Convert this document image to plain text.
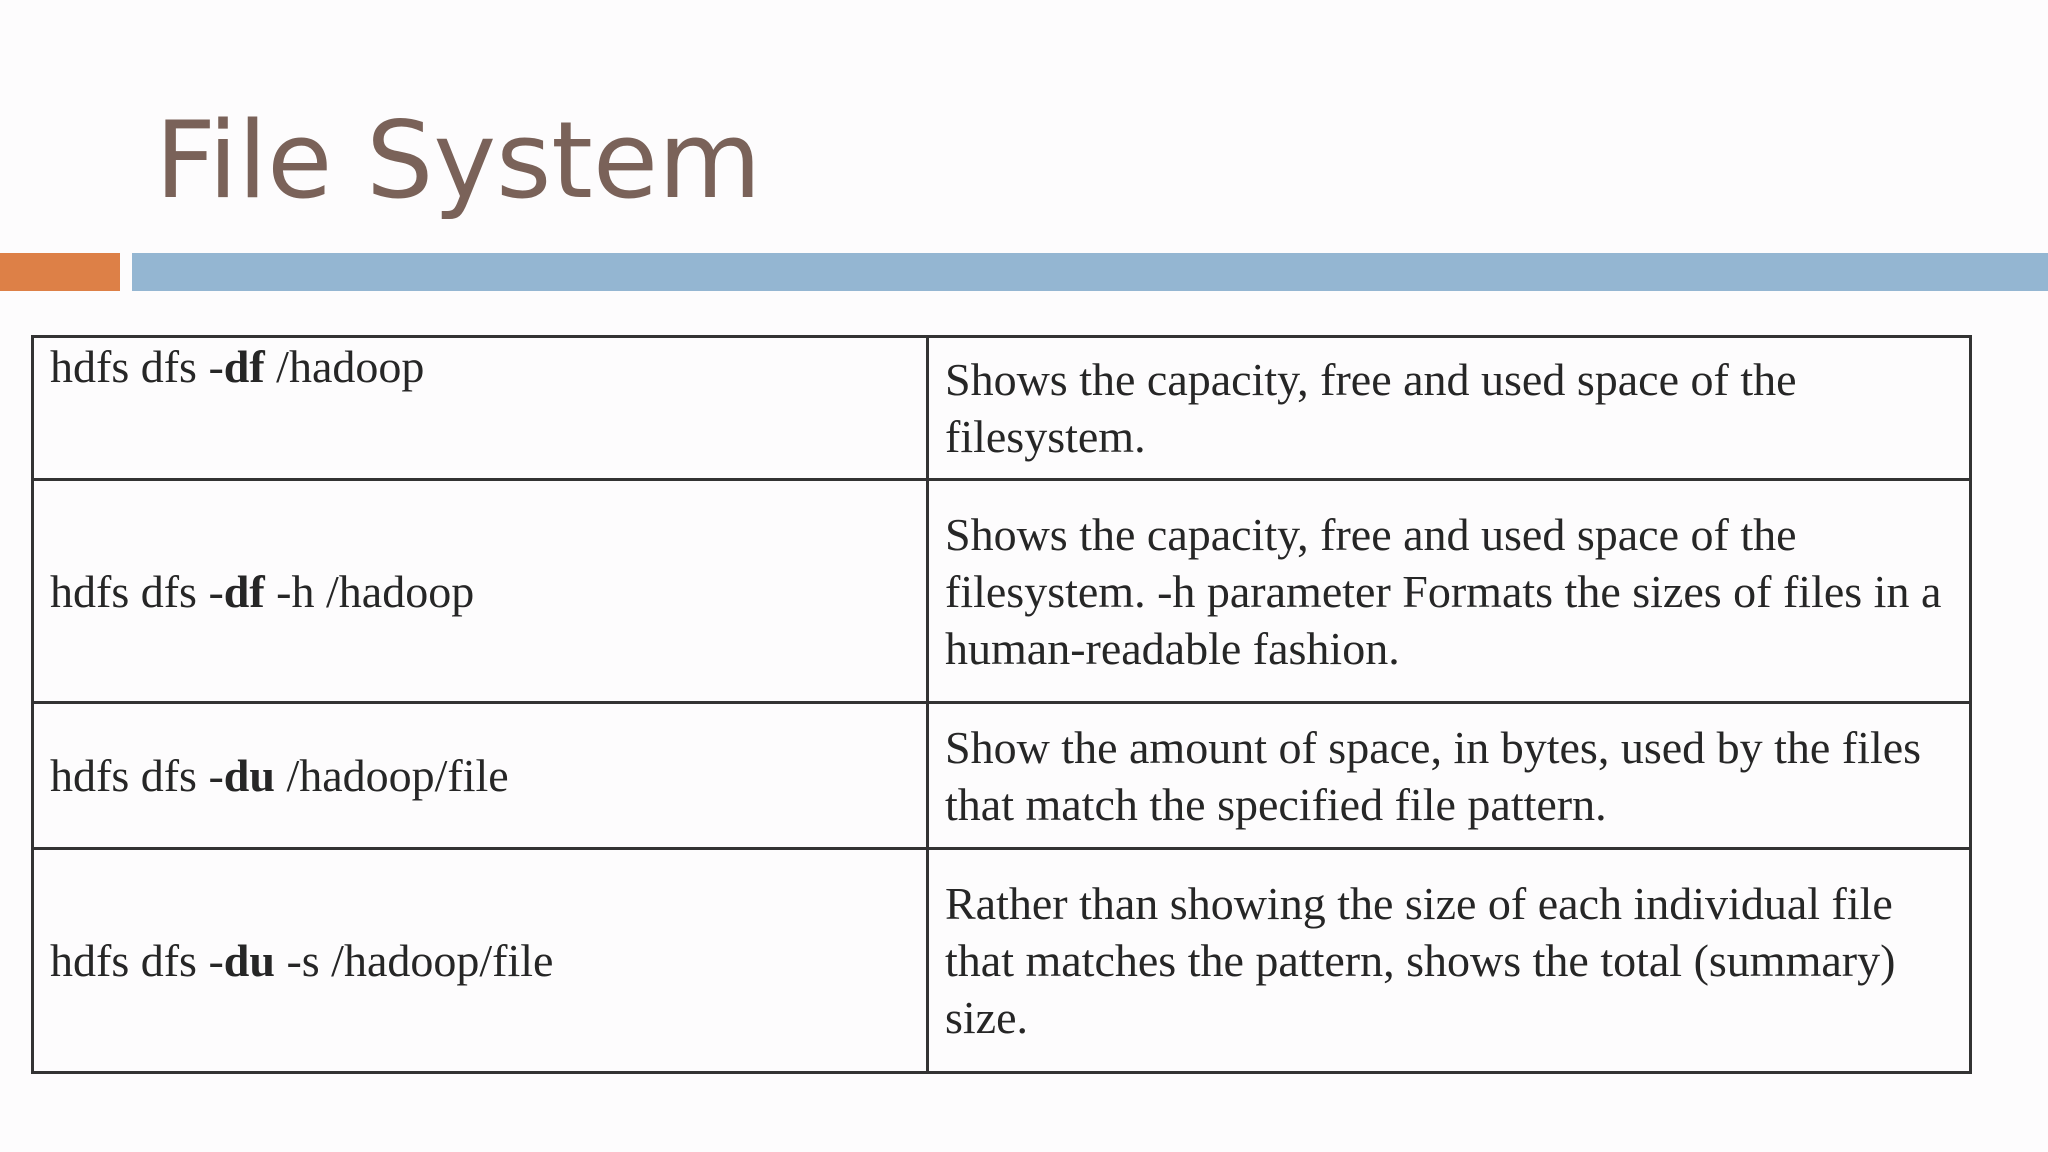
File System
hdfs dfs -df /hadoop	Shows the capacity, free and used space of the filesystem.
hdfs dfs -df -h /hadoop	Shows the capacity, free and used space of the filesystem. -h parameter Formats the sizes of files in a human-readable fashion.
hdfs dfs -du /hadoop/file	Show the amount of space, in bytes, used by the files that match the specified file pattern.
hdfs dfs -du -s /hadoop/file	Rather than showing the size of each individual file that matches the pattern, shows the total (summary) size.
